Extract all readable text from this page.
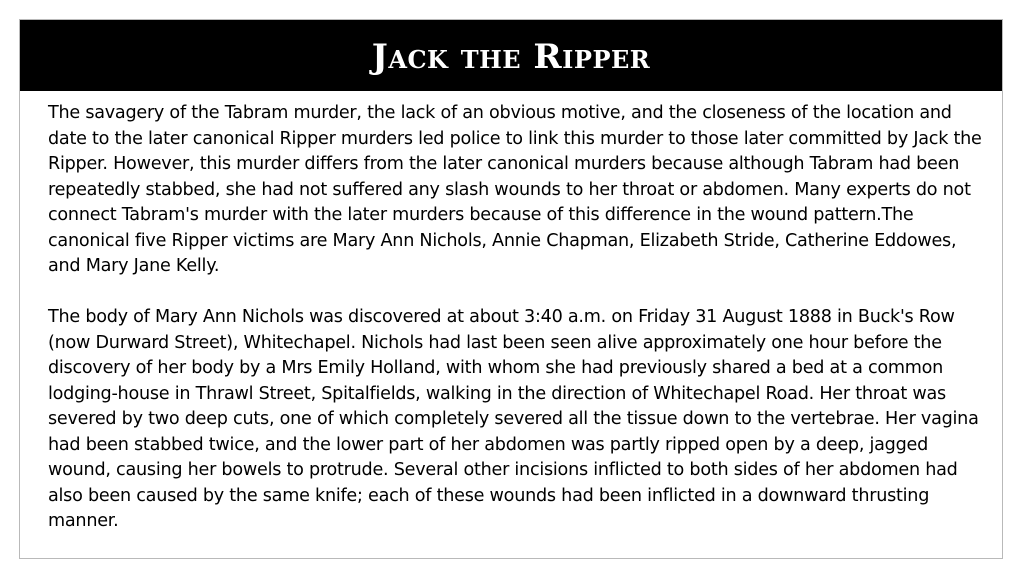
Jack the Ripper

The savagery of the Tabram murder, the lack of an obvious motive, and the closeness of the location and date to the later canonical Ripper murders led police to link this murder to those later committed by Jack the Ripper. However, this murder differs from the later canonical murders because although Tabram had been repeatedly stabbed, she had not suffered any slash wounds to her throat or abdomen. Many experts do not connect Tabram's murder with the later murders because of this difference in the wound pattern.The canonical five Ripper victims are Mary Ann Nichols, Annie Chapman, Elizabeth Stride, Catherine Eddowes, and Mary Jane Kelly.

The body of Mary Ann Nichols was discovered at about 3:40 a.m. on Friday 31 August 1888 in Buck's Row (now Durward Street), Whitechapel. Nichols had last been seen alive approximately one hour before the discovery of her body by a Mrs Emily Holland, with whom she had previously shared a bed at a common lodging-house in Thrawl Street, Spitalfields, walking in the direction of Whitechapel Road. Her throat was severed by two deep cuts, one of which completely severed all the tissue down to the vertebrae. Her vagina had been stabbed twice, and the lower part of her abdomen was partly ripped open by a deep, jagged wound, causing her bowels to protrude. Several other incisions inflicted to both sides of her abdomen had also been caused by the same knife; each of these wounds had been inflicted in a downward thrusting manner.
